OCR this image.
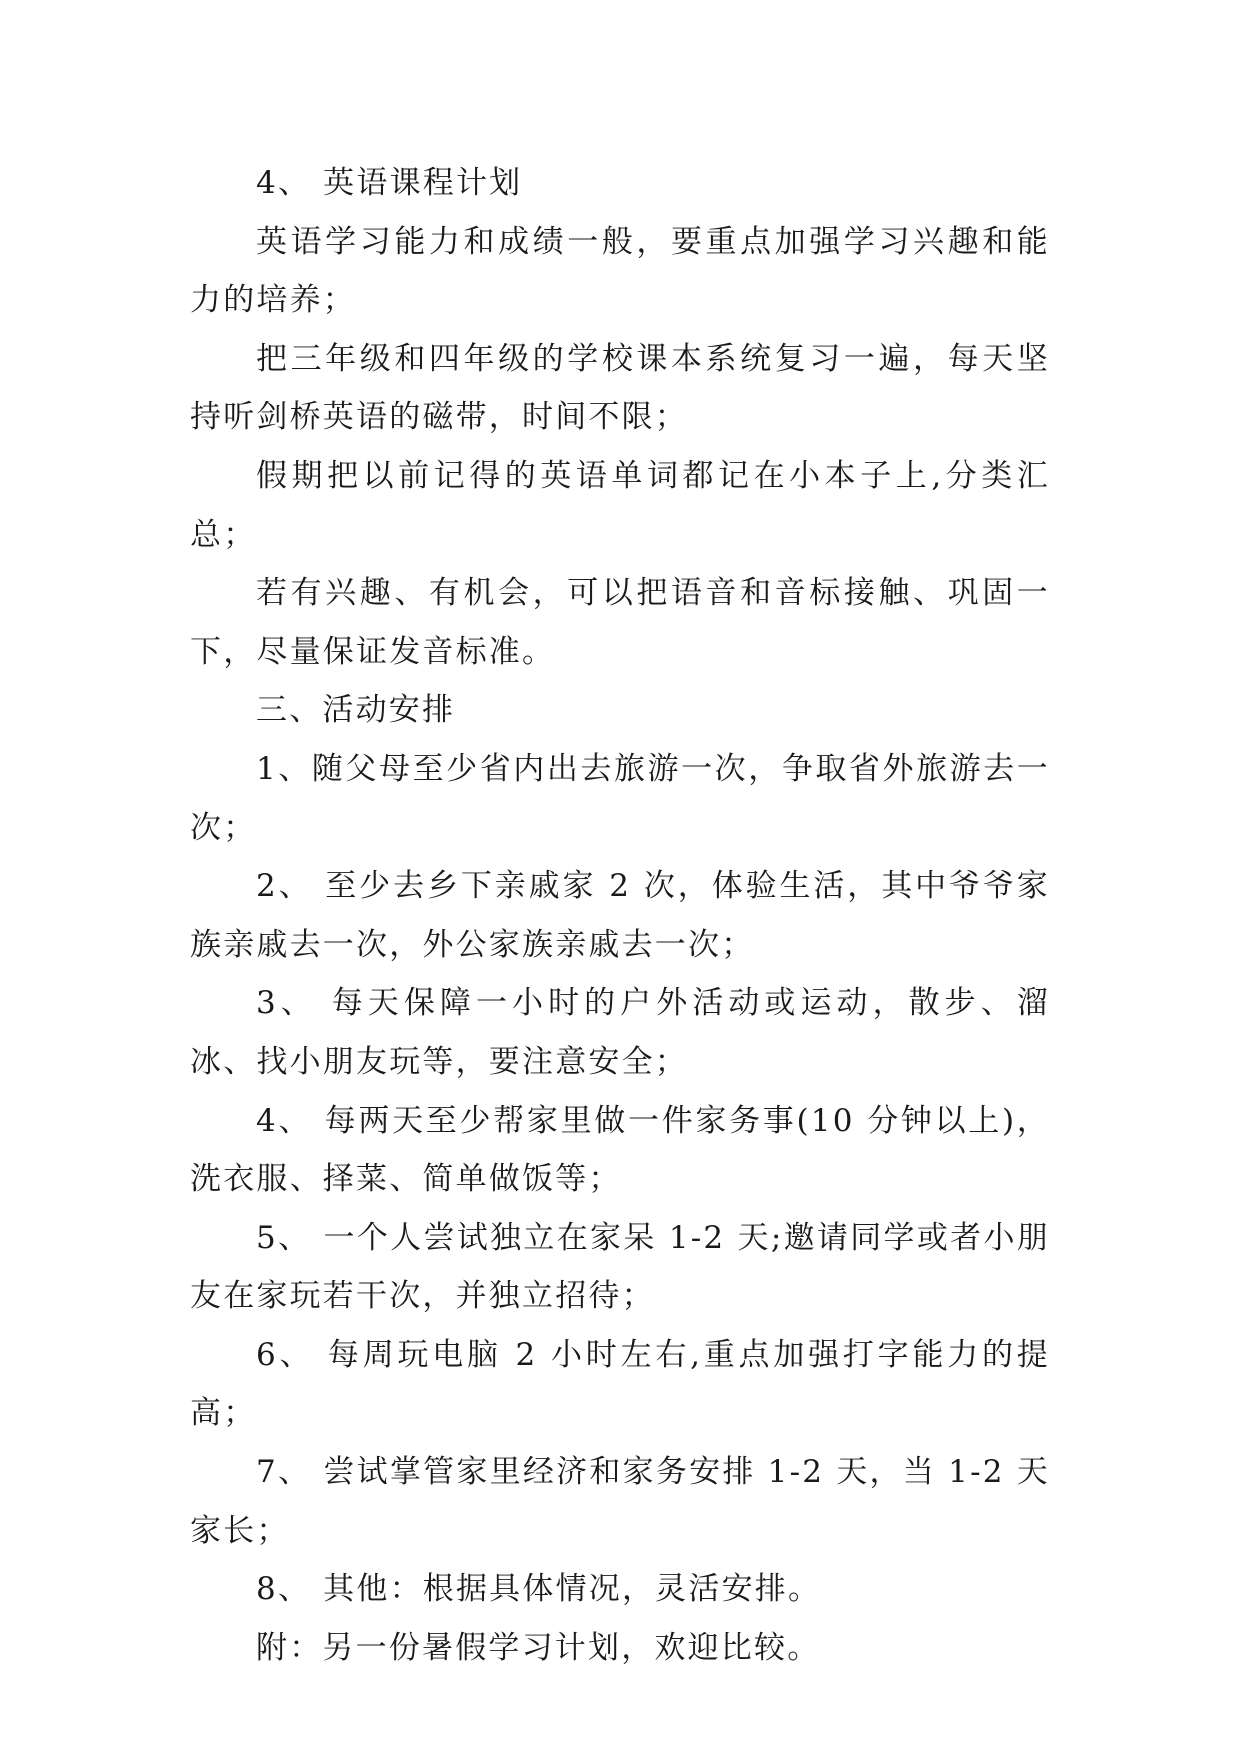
4、 英语课程计划

英语学习能力和成绩一般，要重点加强学习兴趣和能力的培养；

把三年级和四年级的学校课本系统复习一遍，每天坚持听剑桥英语的磁带，时间不限；

假期把以前记得的英语单词都记在小本子上,分类汇总；

若有兴趣、有机会，可以把语音和音标接触、巩固一下，尽量保证发音标准。

三、活动安排

1、随父母至少省内出去旅游一次，争取省外旅游去一次；

2、 至少去乡下亲戚家 2 次，体验生活，其中爷爷家族亲戚去一次，外公家族亲戚去一次；

3、 每天保障一小时的户外活动或运动，散步、溜冰、找小朋友玩等，要注意安全；

4、 每两天至少帮家里做一件家务事(10 分钟以上)，洗衣服、择菜、简单做饭等；

5、 一个人尝试独立在家呆 1-2 天;邀请同学或者小朋友在家玩若干次，并独立招待；

6、 每周玩电脑 2 小时左右,重点加强打字能力的提高；

7、 尝试掌管家里经济和家务安排 1-2 天，当 1-2 天家长；

8、 其他：根据具体情况，灵活安排。

附：另一份暑假学习计划，欢迎比较。
